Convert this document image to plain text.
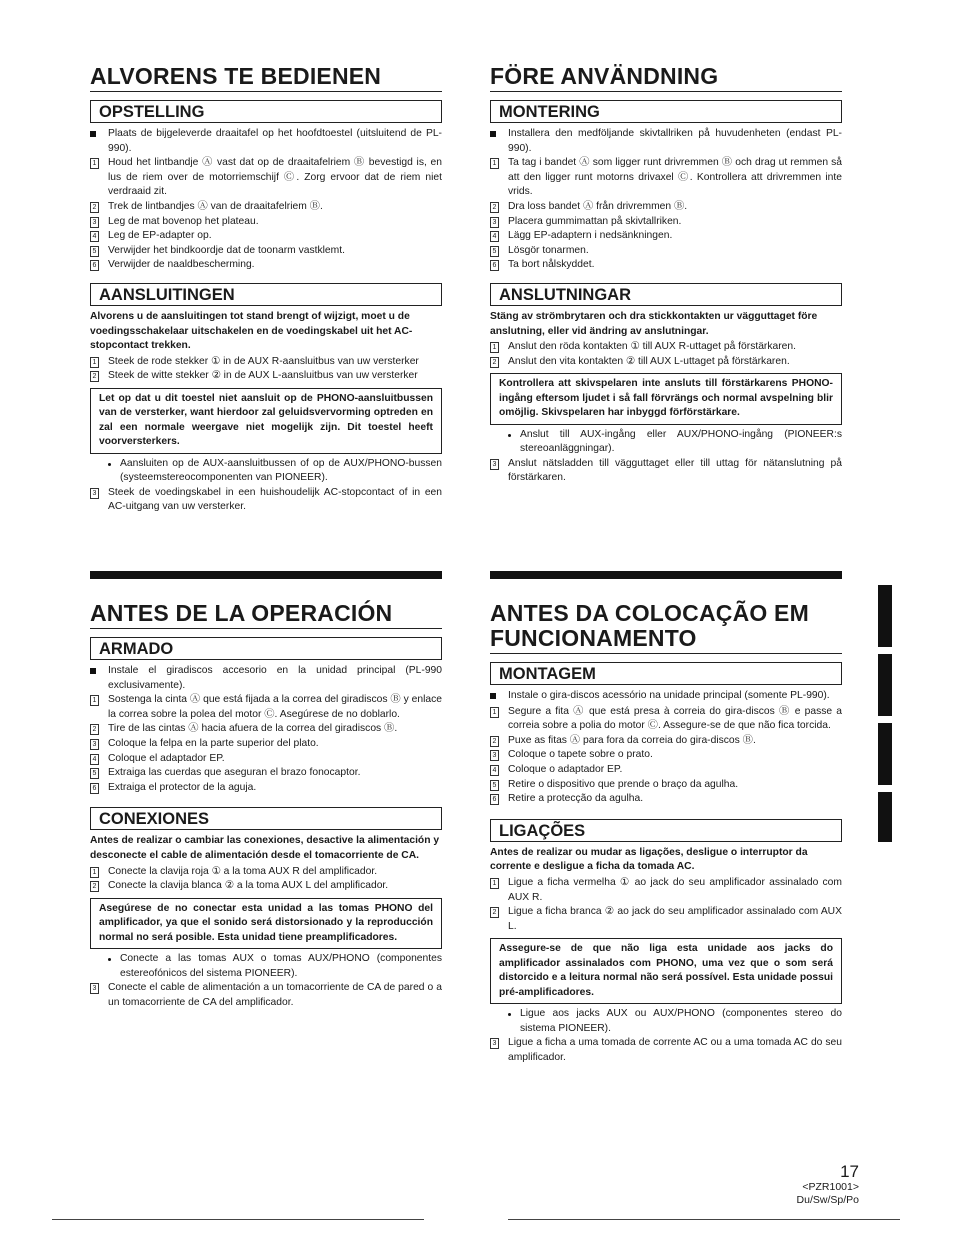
ALVORENS TE BEDIENEN
OPSTELLING
Plaats de bijgeleverde draaitafel op het hoofdtoestel (uitsluitend de PL-990).
1	Houd het lintbandje Ⓐ vast dat op de draaitafelriem Ⓑ bevestigd is, en lus de riem over de motorriemschijf Ⓒ. Zorg ervoor dat de riem niet verdraaid zit.
2	Trek de lintbandjes Ⓐ van de draaitafelriem Ⓑ.
3	Leg de mat bovenop het plateau.
4	Leg de EP-adapter op.
5	Verwijder het bindkoordje dat de toonarm vastklemt.
6	Verwijder de naaldbescherming.
AANSLUITINGEN
Alvorens u de aansluitingen tot stand brengt of wijzigt, moet u de voedingsschakelaar uitschakelen en de voedingskabel uit het AC-stopcontact trekken.
1	Steek de rode stekker ① in de AUX R-aansluitbus van uw versterker
2	Steek de witte stekker ② in de AUX L-aansluitbus van uw versterker
Let op dat u dit toestel niet aansluit op de PHONO-aansluitbussen van de versterker, want hierdoor zal geluidsvervorming optreden en zal een normale weergave niet mogelijk zijn. Dit toestel heeft voorversterkers.
Aansluiten op de AUX-aansluitbussen of op de AUX/PHONO-bussen (systeemstereocomponenten van PIONEER).
3	Steek de voedingskabel in een huishoudelijk AC-stopcontact of in een AC-uitgang van uw versterker.
FÖRE ANVÄNDNING
MONTERING
Installera den medföljande skivtallriken på huvudenheten (endast PL-990).
1	Ta tag i bandet Ⓐ som ligger runt drivremmen Ⓑ och drag ut remmen så att den ligger runt motorns drivaxel Ⓒ. Kontrollera att drivremmen inte vrids.
2	Dra loss bandet Ⓐ från drivremmen Ⓑ.
3	Placera gummimattan på skivtallriken.
4	Lägg EP-adaptern i nedsänkningen.
5	Lösgör tonarmen.
6	Ta bort nålskyddet.
ANSLUTNINGAR
Stäng av strömbrytaren och dra stickkontakten ur vägguttaget före anslutning, eller vid ändring av anslutningar.
1	Anslut den röda kontakten ① till AUX R-uttaget på förstärkaren.
2	Anslut den vita kontakten ② till AUX L-uttaget på förstärkaren.
Kontrollera att skivspelaren inte ansluts till förstärkarens PHONO-ingång eftersom ljudet i så fall förvrängs och normal avspelning blir omöjlig. Skivspelaren har inbyggd förförstärkare.
Anslut till AUX-ingång eller AUX/PHONO-ingång (PIONEER:s stereoanläggningar).
3	Anslut nätsladden till vägguttaget eller till uttag för nätanslutning på förstärkaren.
ANTES DE LA OPERACIÓN
ARMADO
Instale el giradiscos accesorio en la unidad principal (PL-990 exclusivamente).
1	Sostenga la cinta Ⓐ que está fijada a la correa del giradiscos Ⓑ y enlace la correa sobre la polea del motor Ⓒ. Asegúrese de no doblarlo.
2	Tire de las cintas Ⓐ hacia afuera de la correa del giradiscos Ⓑ.
3	Coloque la felpa en la parte superior del plato.
4	Coloque el adaptador EP.
5	Extraiga las cuerdas que aseguran el brazo fonocaptor.
6	Extraiga el protector de la aguja.
CONEXIONES
Antes de realizar o cambiar las conexiones, desactive la alimentación y desconecte el cable de alimentación desde el tomacorriente de CA.
1	Conecte la clavija roja ① a la toma AUX R del amplificador.
2	Conecte la clavija blanca ② a la toma AUX L del amplificador.
Asegúrese de no conectar esta unidad a las tomas PHONO del amplificador, ya que el sonido será distorsionado y la reproducción normal no será posible. Esta unidad tiene preamplificadores.
Conecte a las tomas AUX o tomas AUX/PHONO (componentes estereofónicos del sistema PIONEER).
3	Conecte el cable de alimentación a un tomacorriente de CA de pared o a un tomacorriente de CA del amplificador.
ANTES DA COLOCAÇÃO EM FUNCIONAMENTO
MONTAGEM
Instale o gira-discos acessório na unidade principal (somente PL-990).
1	Segure a fita Ⓐ que está presa à correia do gira-discos Ⓑ e passe a correia sobre a polia do motor Ⓒ. Assegure-se de que não fica torcida.
2	Puxe as fitas Ⓐ para fora da correia do gira-discos Ⓑ.
3	Coloque o tapete sobre o prato.
4	Coloque o adaptador EP.
5	Retire o dispositivo que prende o braço da agulha.
6	Retire a protecção da agulha.
LIGAÇÕES
Antes de realizar ou mudar as ligações, desligue o interruptor da corrente e desligue a ficha da tomada AC.
1	Ligue a ficha vermelha ① ao jack do seu amplificador assinalado com AUX R.
2	Ligue a ficha branca ② ao jack do seu amplificador assinalado com AUX L.
Assegure-se de que não liga esta unidade aos jacks do amplificador assinalados com PHONO, uma vez que o som será distorcido e a leitura normal não será possível. Esta unidade possui pré-amplificadores.
Ligue aos jacks AUX ou AUX/PHONO (componentes stereo do sistema PIONEER).
3	Ligue a ficha a uma tomada de corrente AC ou a uma tomada AC do seu amplificador.
17
<PZR1001>
Du/Sw/Sp/Po
